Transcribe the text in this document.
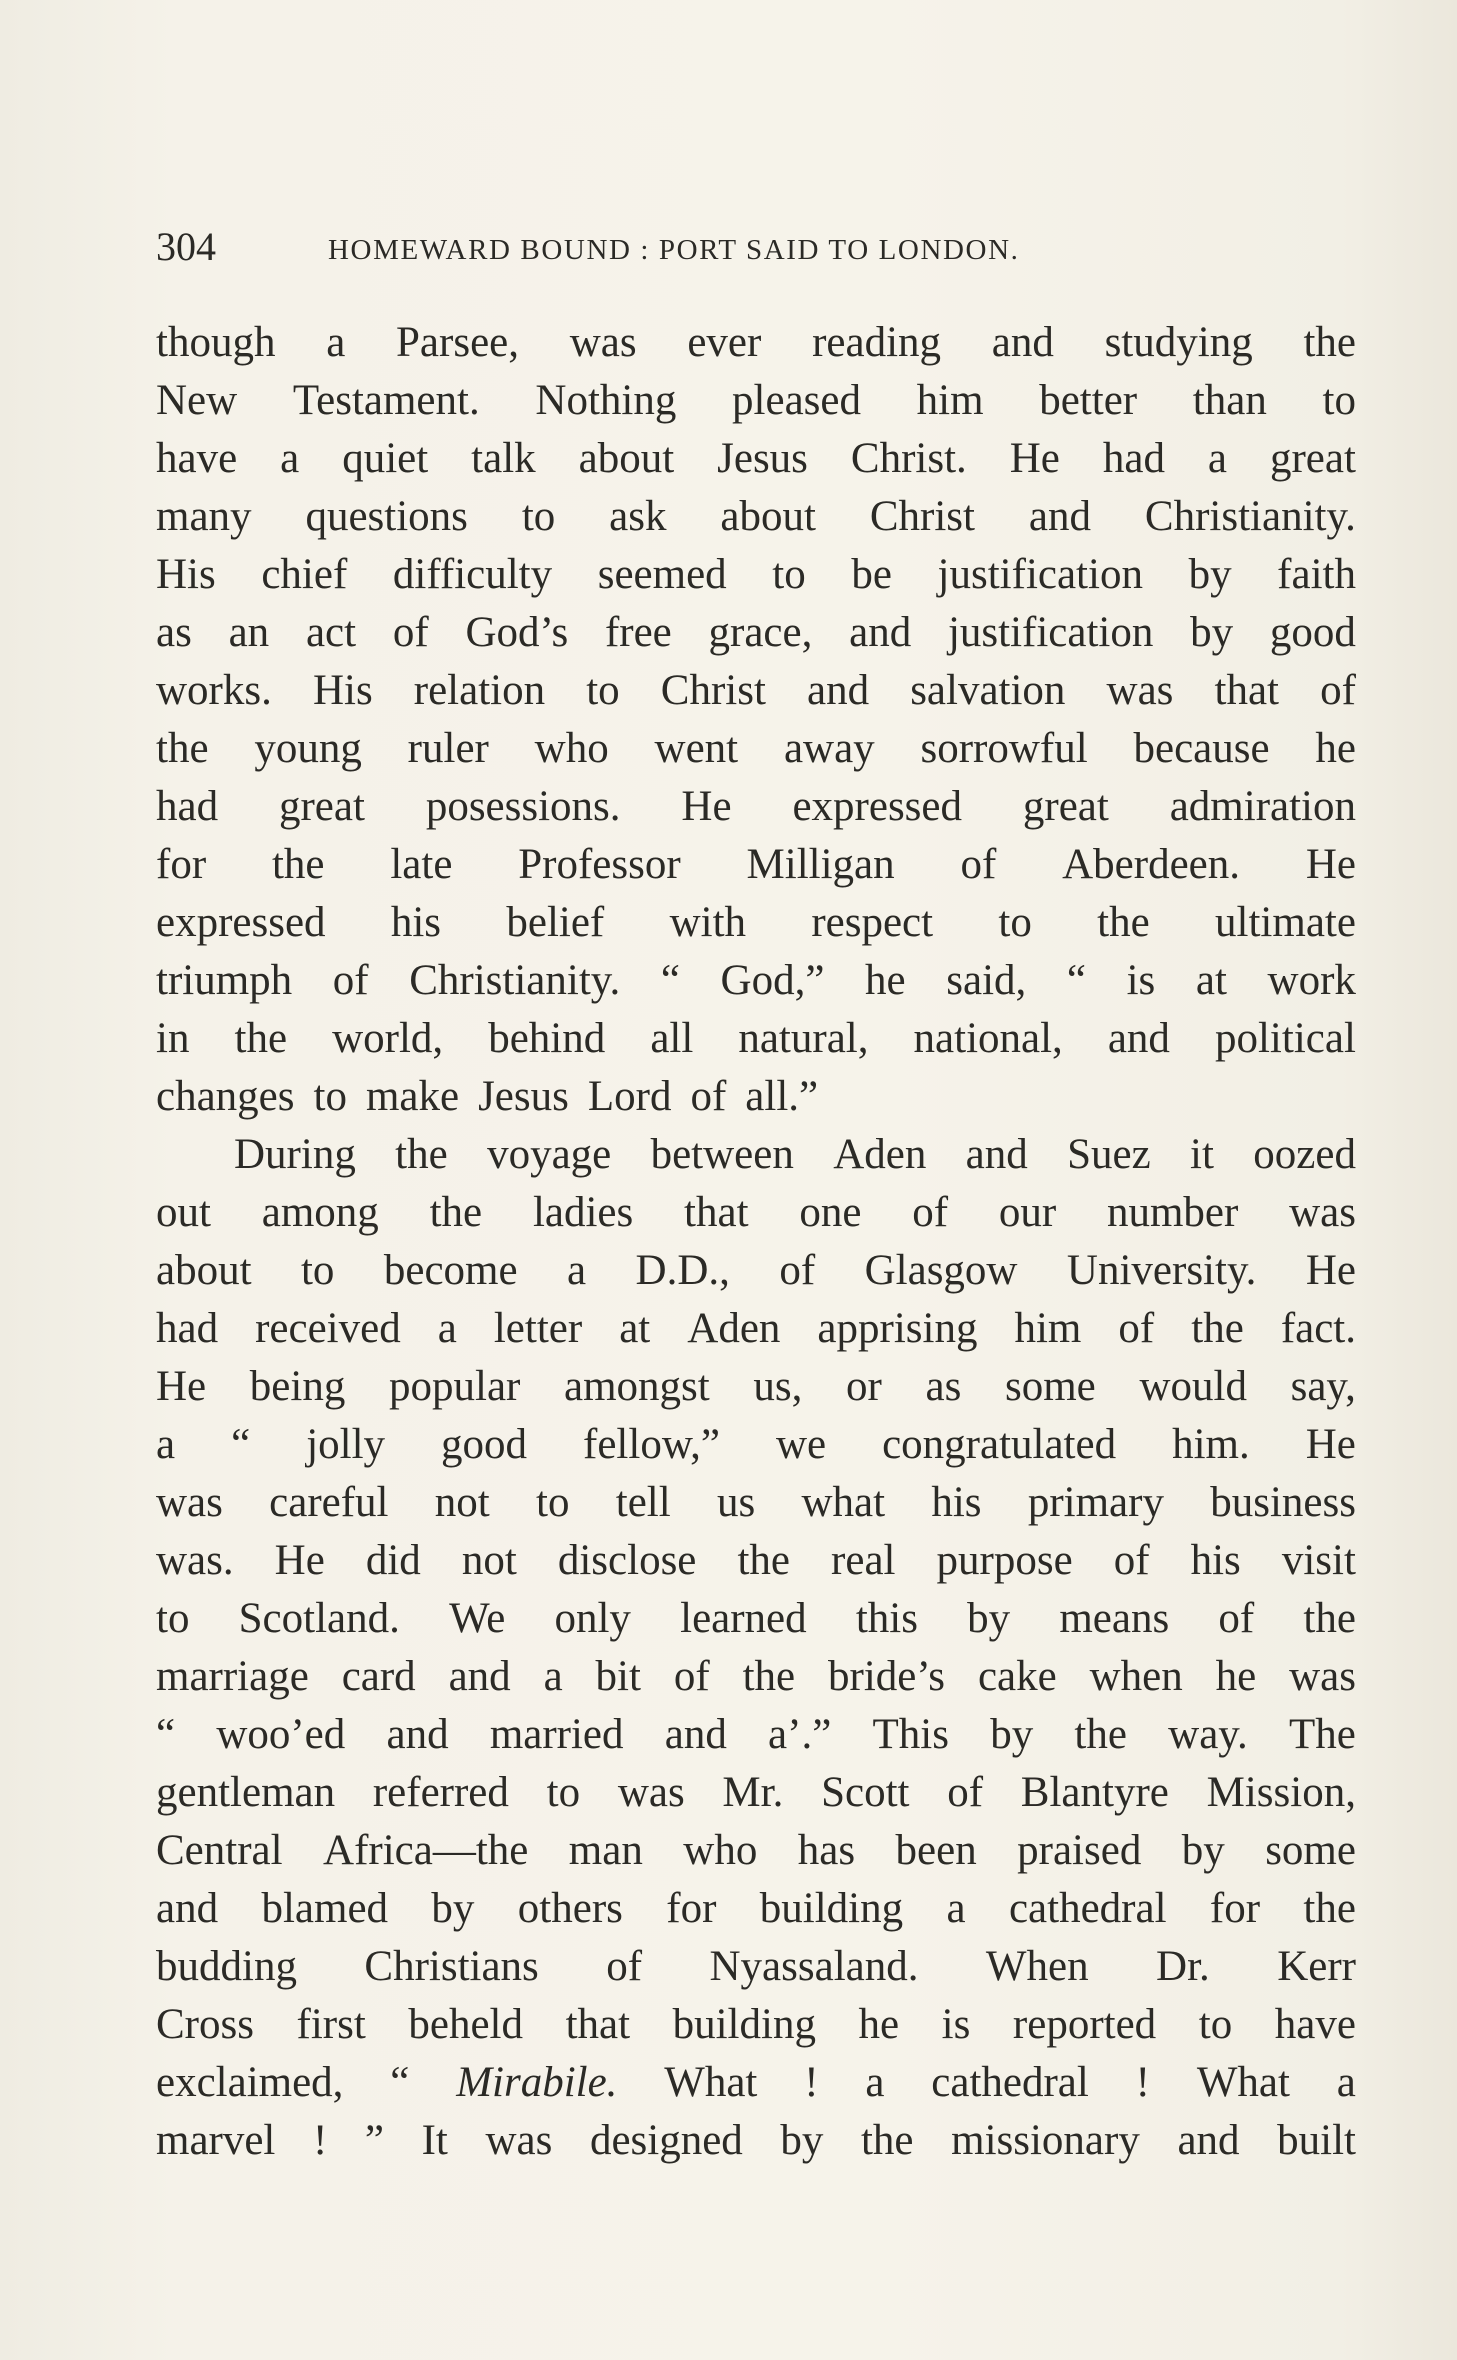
304	HOMEWARD BOUND : PORT SAID TO LONDON.
though a Parsee, was ever reading and studying the
New Testament. Nothing pleased him better than to
have a quiet talk about Jesus Christ. He had a great
many questions to ask about Christ and Christianity.
His chief difficulty seemed to be justification by faith
as an act of God’s free grace, and justification by good
works. His relation to Christ and salvation was that of
the young ruler who went away sorrowful because he
had great posessions. He expressed great admiration
for the late Professor Milligan of Aberdeen. He
expressed his belief with respect to the ultimate
triumph of Christianity. “ God,” he said, “ is at work
in the world, behind all natural, national, and political
changes to make Jesus Lord of all.”
During the voyage between Aden and Suez it oozed
out among the ladies that one of our number was
about to become a D.D., of Glasgow University. He
had received a letter at Aden apprising him of the fact.
He being popular amongst us, or as some would say,
a “ jolly good fellow,” we congratulated him. He
was careful not to tell us what his primary business
was. He did not disclose the real purpose of his visit
to Scotland. We only learned this by means of the
marriage card and a bit of the bride’s cake when he was
“ woo’ed and married and a’.” This by the way. The
gentleman referred to was Mr. Scott of Blantyre Mission,
Central Africa—the man who has been praised by some
and blamed by others for building a cathedral for the
budding Christians of Nyassaland. When Dr. Kerr
Cross first beheld that building he is reported to have
exclaimed, “ Mirabile. What ! a cathedral ! What a
marvel ! ” It was designed by the missionary and built
